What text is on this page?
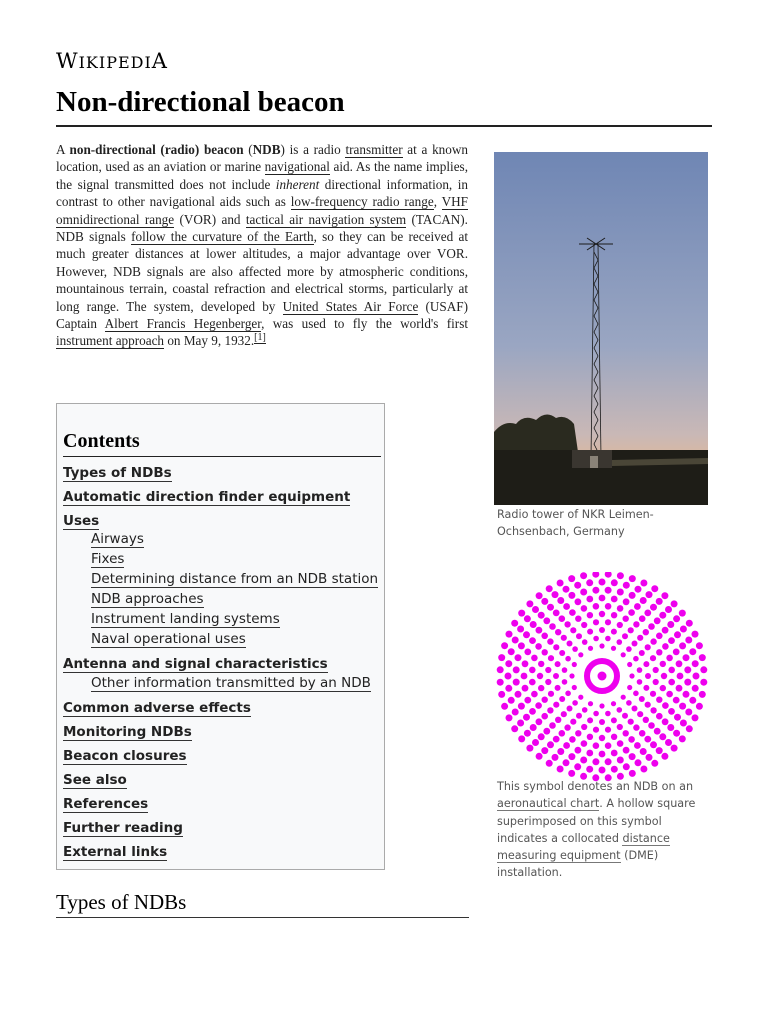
WIKIPEDIA
Non-directional beacon

A non-directional (radio) beacon (NDB) is a radio transmitter at a known location, used as an aviation or marine navigational aid. As the name implies, the signal transmitted does not include inherent directional information, in contrast to other navigational aids such as low-frequency radio range, VHF omnidirectional range (VOR) and tactical air navigation system (TACAN). NDB signals follow the curvature of the Earth, so they can be received at much greater distances at lower altitudes, a major advantage over VOR. However, NDB signals are also affected more by atmospheric conditions, mountainous terrain, coastal refraction and electrical storms, particularly at long range. The system, developed by United States Air Force (USAF) Captain Albert Francis Hegenberger, was used to fly the world's first instrument approach on May 9, 1932.[1]

Contents
Types of NDBs
Automatic direction finder equipment
Uses
Airways
Fixes
Determining distance from an NDB station
NDB approaches
Instrument landing systems
Naval operational uses
Antenna and signal characteristics
Other information transmitted by an NDB
Common adverse effects
Monitoring NDBs
Beacon closures
See also
References
Further reading
External links
Types of NDBs
Radio tower of NKR Leimen-Ochsenbach, Germany
This symbol denotes an NDB on an aeronautical chart. A hollow square superimposed on this symbol indicates a collocated distance measuring equipment (DME) installation.
